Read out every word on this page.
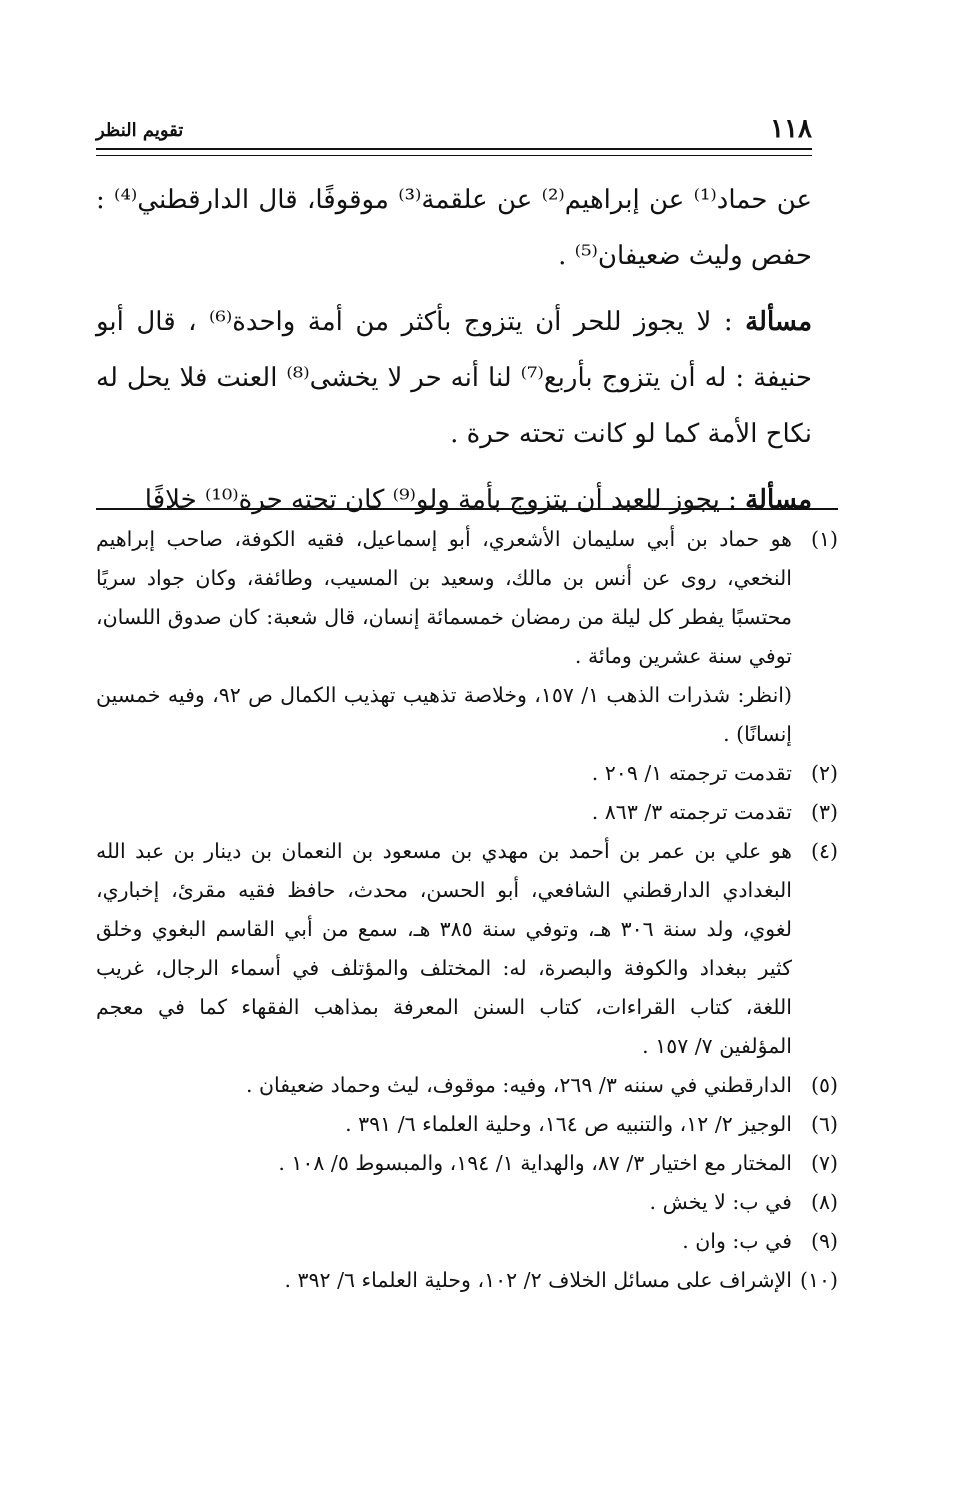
١١٨
تقويم النظر

عن حماد⁽¹⁾ عن إبراهيم⁽²⁾ عن علقمة⁽³⁾ موقوفًا، قال الدارقطني⁽⁴⁾ : حفص وليث ضعيفان⁽⁵⁾ .

مسألة : لا يجوز للحر أن يتزوج بأكثر من أمة واحدة⁽⁶⁾ ، قال أبو حنيفة : له أن يتزوج بأربع⁽⁷⁾ لنا أنه حر لا يخشى⁽⁸⁾ العنت فلا يحل له نكاح الأمة كما لو كانت تحته حرة .

مسألة : يجوز للعبد أن يتزوج بأمة ولو⁽⁹⁾ كان تحته حرة⁽¹⁰⁾ خلافًا

(١)
هو حماد بن أبي سليمان الأشعري، أبو إسماعيل، فقيه الكوفة، صاحب إبراهيم النخعي، روى عن أنس بن مالك، وسعيد بن المسيب، وطائفة، وكان جواد سريًا محتسبًا يفطر كل ليلة من رمضان خمسمائة إنسان، قال شعبة: كان صدوق اللسان، توفي سنة عشرين ومائة .
(انظر: شذرات الذهب ١/ ١٥٧، وخلاصة تذهيب تهذيب الكمال ص ٩٢، وفيه خمسين إنسانًا) .
(٢)
تقدمت ترجمته ١/ ٢٠٩ .
(٣)
تقدمت ترجمته ٣/ ٨٦٣ .
(٤)
هو علي بن عمر بن أحمد بن مهدي بن مسعود بن النعمان بن دينار بن عبد الله البغدادي الدارقطني الشافعي، أبو الحسن، محدث، حافظ فقيه مقرئ، إخباري، لغوي، ولد سنة ٣٠٦ هـ، وتوفي سنة ٣٨٥ هـ، سمع من أبي القاسم البغوي وخلق كثير ببغداد والكوفة والبصرة، له: المختلف والمؤتلف في أسماء الرجال، غريب اللغة، كتاب القراءات، كتاب السنن المعرفة بمذاهب الفقهاء كما في معجم المؤلفين ٧/ ١٥٧ .
(٥)
الدارقطني في سننه ٣/ ٢٦٩، وفيه: موقوف، ليث وحماد ضعيفان .
(٦)
الوجيز ٢/ ١٢، والتنبيه ص ١٦٤، وحلية العلماء ٦/ ٣٩١ .
(٧)
المختار مع اختيار ٣/ ٨٧، والهداية ١/ ١٩٤، والمبسوط ٥/ ١٠٨ .
(٨)
في ب: لا يخش .
(٩)
في ب: وان .
(١٠)
الإشراف على مسائل الخلاف ٢/ ١٠٢، وحلية العلماء ٦/ ٣٩٢ .
